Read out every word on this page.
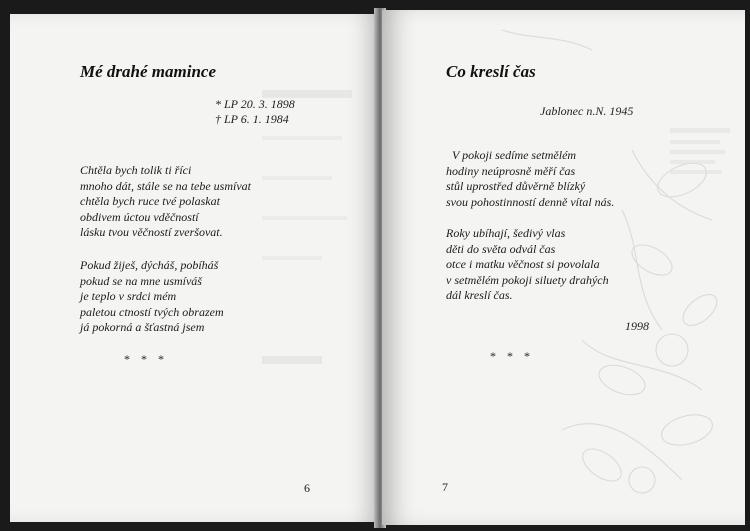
Mé drahé mamince
* LP 20. 3. 1898
† LP 6. 1. 1984
Chtěla bych tolik ti říci
mnoho dát, stále se na tebe usmívat
chtěla bych ruce tvé polaskat
obdivem úctou vděčností
lásku tvou věčností zveršovat.
Pokud žiješ, dýcháš, pobíháš
pokud se na mne usmíváš
je teplo v srdci mém
paletou ctností tvých obrazem
já pokorná a šťastná jsem
* * *
6
Co kreslí čas
Jablonec n.N. 1945
V pokoji sedíme setmělém
hodiny neúprosně měří čas
stůl uprostřed důvěrně blízký
svou pohostinností denně vítal nás.
Roky ubíhají, šedivý vlas
děti do světa odvál čas
otce i matku věčnost si povolala
v setmělém pokoji siluety drahých
dál kreslí čas.
1998
* * *
7
